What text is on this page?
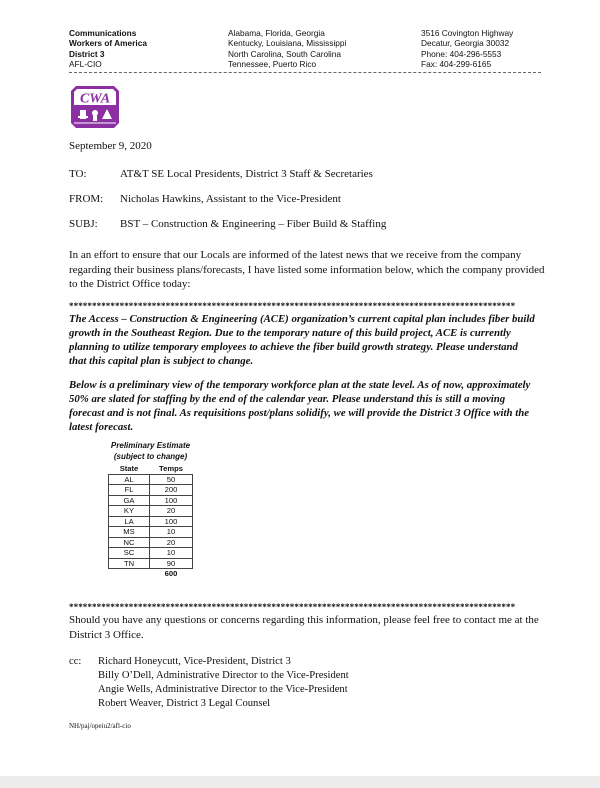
Communications
Workers of America
District 3
AFL-CIO
Alabama, Florida, Georgia
Kentucky, Louisiana, Mississippi
North Carolina, South Carolina
Tennessee, Puerto Rico
3516 Covington Highway
Decatur, Georgia 30032
Phone: 404-296-5553
Fax: 404-299-6165
CWA
September 9, 2020
TO:	AT&T SE Local Presidents, District 3 Staff & Secretaries
FROM: Nicholas Hawkins, Assistant to the Vice-President
SUBJ: BST – Construction & Engineering – Fiber Build & Staffing
In an effort to ensure that our Locals are informed of the latest news that we receive from the company regarding their business plans/forecasts, I have listed some information below, which the company provided to the District Office today:
*************************************************************************************************
The Access – Construction & Engineering (ACE) organization’s current capital plan includes fiber build growth in the Southeast Region. Due to the temporary nature of this build project, ACE is currently planning to utilize temporary employees to achieve the fiber build growth strategy. Please understand that this capital plan is subject to change.
Below is a preliminary view of the temporary workforce plan at the state level. As of now, approximately 50% are slated for staffing by the end of the calendar year. Please understand this is still a moving forecast and is not final. As requisitions post/plans solidify, we will provide the District 3 Office with the latest forecast.
Preliminary Estimate
(subject to change)
State	Temps
AL	50
FL	200
GA	100
KY	20
LA	100
MS	10
NC	20
SC	10
TN	90
	600
*************************************************************************************************
Should you have any questions or concerns regarding this information, please feel free to contact me at the District 3 Office.
cc: Richard Honeycutt, Vice-President, District 3
Billy O’Dell, Administrative Director to the Vice-President
Angie Wells, Administrative Director to the Vice-President
Robert Weaver, District 3 Legal Counsel
NH/paj/opeiu2/afl-cio
